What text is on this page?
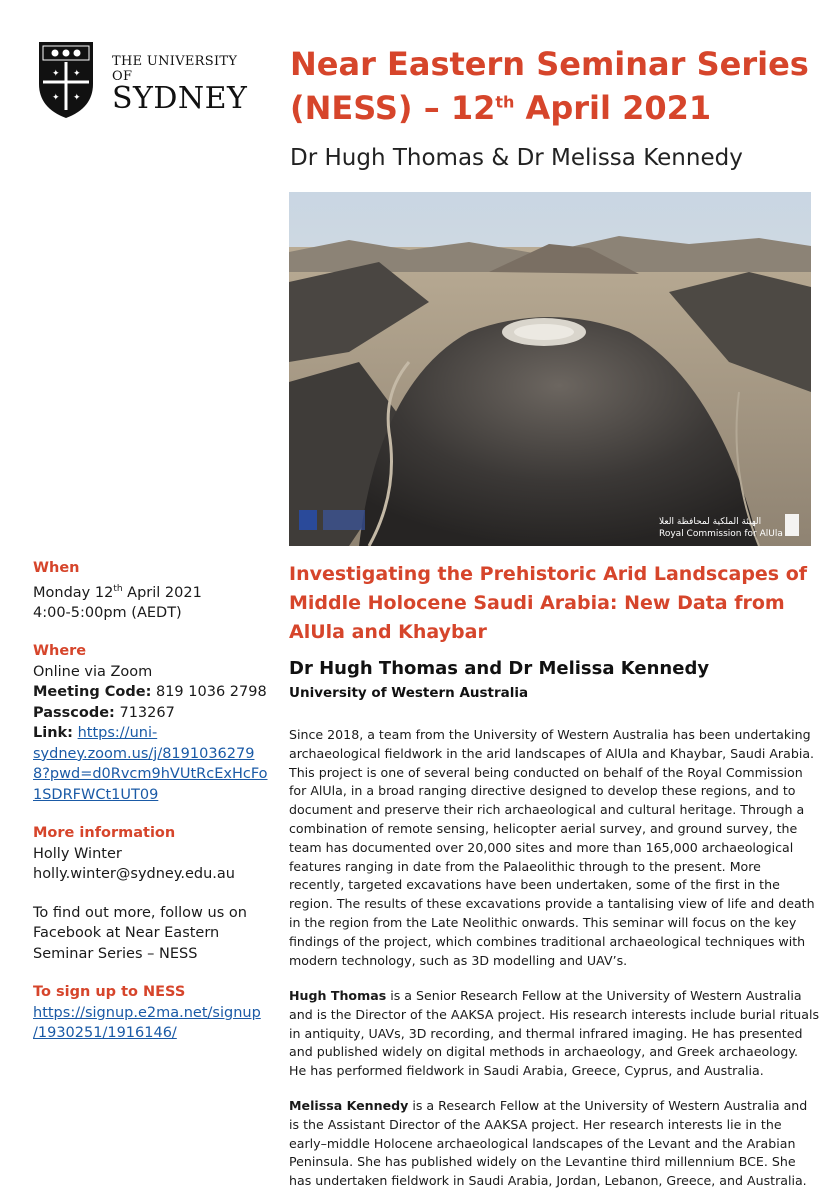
✦ ✦
✦ ✦
THE UNIVERSITY OF
SYDNEY
Near Eastern Seminar Series (NESS) – 12th April 2021
Dr Hugh Thomas & Dr Melissa Kennedy
الهيئة الملكية لمحافظة العلا
Royal Commission for AlUla
When
Monday 12th April 2021
4:00-5:00pm (AEDT)
Where
Online via Zoom
Meeting Code: 819 1036 2798
Passcode: 713267
Link: https://uni-
sydney.zoom.us/j/8191036279
8?pwd=d0Rvcm9hVUtRcExHcFo
1SDRFWCt1UT09
More information
Holly Winter
holly.winter@sydney.edu.au
To find out more, follow us on
Facebook at Near Eastern
Seminar Series – NESS
To sign up to NESS
https://signup.e2ma.net/signup
/1930251/1916146/
Investigating the Prehistoric Arid Landscapes of Middle Holocene Saudi Arabia: New Data from AlUla and Khaybar
Dr Hugh Thomas and Dr Melissa Kennedy
University of Western Australia
Since 2018, a team from the University of Western Australia has been undertaking archaeological fieldwork in the arid landscapes of AlUla and Khaybar, Saudi Arabia. This project is one of several being conducted on behalf of the Royal Commission for AlUla, in a broad ranging directive designed to develop these regions, and to document and preserve their rich archaeological and cultural heritage. Through a combination of remote sensing, helicopter aerial survey, and ground survey, the team has documented over 20,000 sites and more than 165,000 archaeological features ranging in date from the Palaeolithic through to the present. More recently, targeted excavations have been undertaken, some of the first in the region. The results of these excavations provide a tantalising view of life and death in the region from the Late Neolithic onwards. This seminar will focus on the key findings of the project, which combines traditional archaeological techniques with modern technology, such as 3D modelling and UAV’s.
Hugh Thomas is a Senior Research Fellow at the University of Western Australia and is the Director of the AAKSA project. His research interests include burial rituals in antiquity, UAVs, 3D recording, and thermal infrared imaging. He has presented and published widely on digital methods in archaeology, and Greek archaeology. He has performed fieldwork in Saudi Arabia, Greece, Cyprus, and Australia.
Melissa Kennedy is a Research Fellow at the University of Western Australia and is the Assistant Director of the AAKSA project. Her research interests lie in the early–middle Holocene archaeological landscapes of the Levant and the Arabian Peninsula. She has published widely on the Levantine third millennium BCE. She has undertaken fieldwork in Saudi Arabia, Jordan, Lebanon, Greece, and Australia.
